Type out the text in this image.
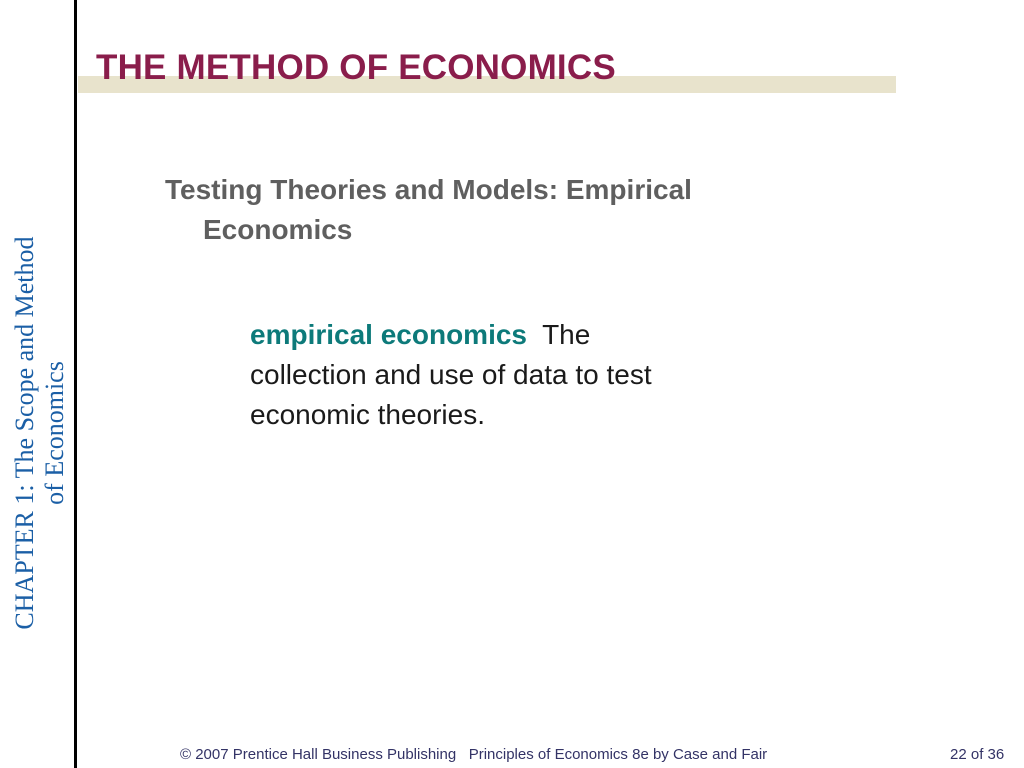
CHAPTER 1: The Scope and Method of Economics
THE METHOD OF ECONOMICS
Testing Theories and Models: Empirical
Economics
empirical economics  The
collection and use of data to test
economic theories.
© 2007 Prentice Hall Business Publishing   Principles of Economics 8e by Case and Fair	22 of 36
